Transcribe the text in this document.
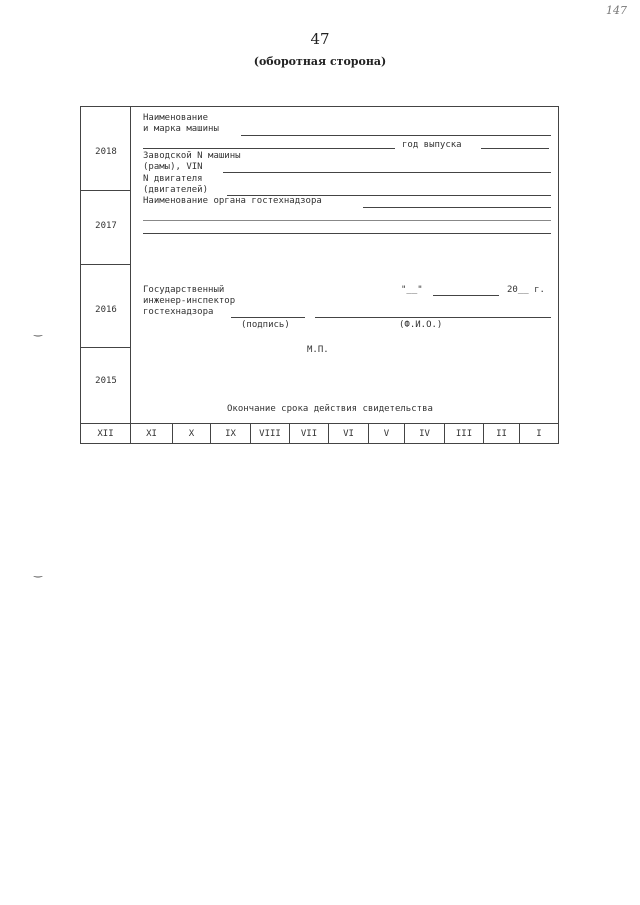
147
47
(оборотная сторона)
‿
‿
2018
2017
2016
2015
Наименование
и марка машины
год выпуска
Заводской N машины
(рамы), VIN
N двигателя
(двигателей)
Наименование органа гостехнадзора
Государственный
инженер-инспектор
гостехнадзора
"__"	20__ г.
(подпись)	(Ф.И.О.)
М.П.
Окончание срока действия свидетельства
XII	XI	X	IX	VIII	VII	VI	V	IV	III	II	I
